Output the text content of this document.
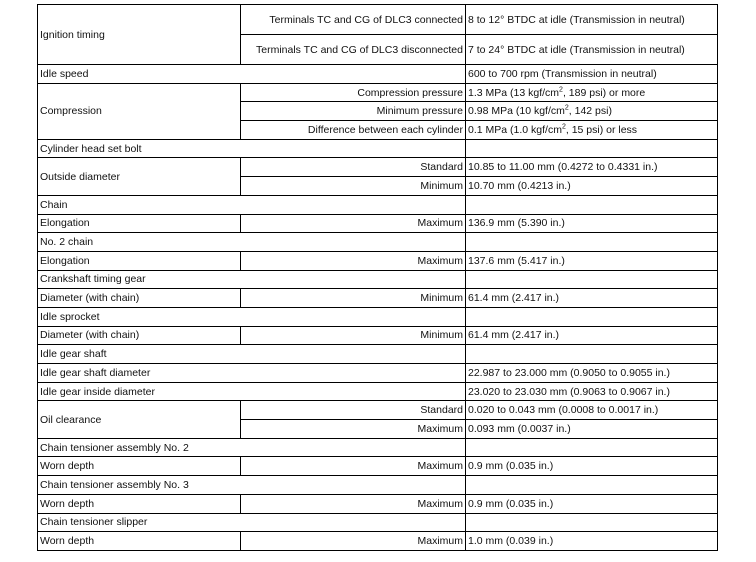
Ignition timing	Terminals TC and CG of DLC3 connected	8 to 12° BTDC at idle (Transmission in neutral)
	Terminals TC and CG of DLC3 disconnected	7 to 24° BTDC at idle (Transmission in neutral)
Idle speed		600 to 700 rpm (Transmission in neutral)
Compression	Compression pressure	1.3 MPa (13 kgf/$cm^2$, 189 psi) or more
	Minimum pressure	0.98 MPa (10 kgf/$cm^2$, 142 psi)
	Difference between each cylinder	0.1 MPa (1.0 kgf/$cm^2$, 15 psi) or less
Cylinder head set bolt		
Outside diameter	Standard	10.85 to 11.00 mm (0.4272 to 0.4331 in.)
	Minimum	10.70 mm (0.4213 in.)
Chain		
Elongation	Maximum	136.9 mm (5.390 in.)
No. 2 chain		
Elongation	Maximum	137.6 mm (5.417 in.)
Crankshaft timing gear		
Diameter (with chain)	Minimum	61.4 mm (2.417 in.)
Idle sprocket		
Diameter (with chain)	Minimum	61.4 mm (2.417 in.)
Idle gear shaft		
Idle gear shaft diameter		22.987 to 23.000 mm (0.9050 to 0.9055 in.)
Idle gear inside diameter		23.020 to 23.030 mm (0.9063 to 0.9067 in.)
Oil clearance	Standard	0.020 to 0.043 mm (0.0008 to 0.0017 in.)
	Maximum	0.093 mm (0.0037 in.)
Chain tensioner assembly No. 2		
Worn depth	Maximum	0.9 mm (0.035 in.)
Chain tensioner assembly No. 3		
Worn depth	Maximum	0.9 mm (0.035 in.)
Chain tensioner slipper		
Worn depth	Maximum	1.0 mm (0.039 in.)
